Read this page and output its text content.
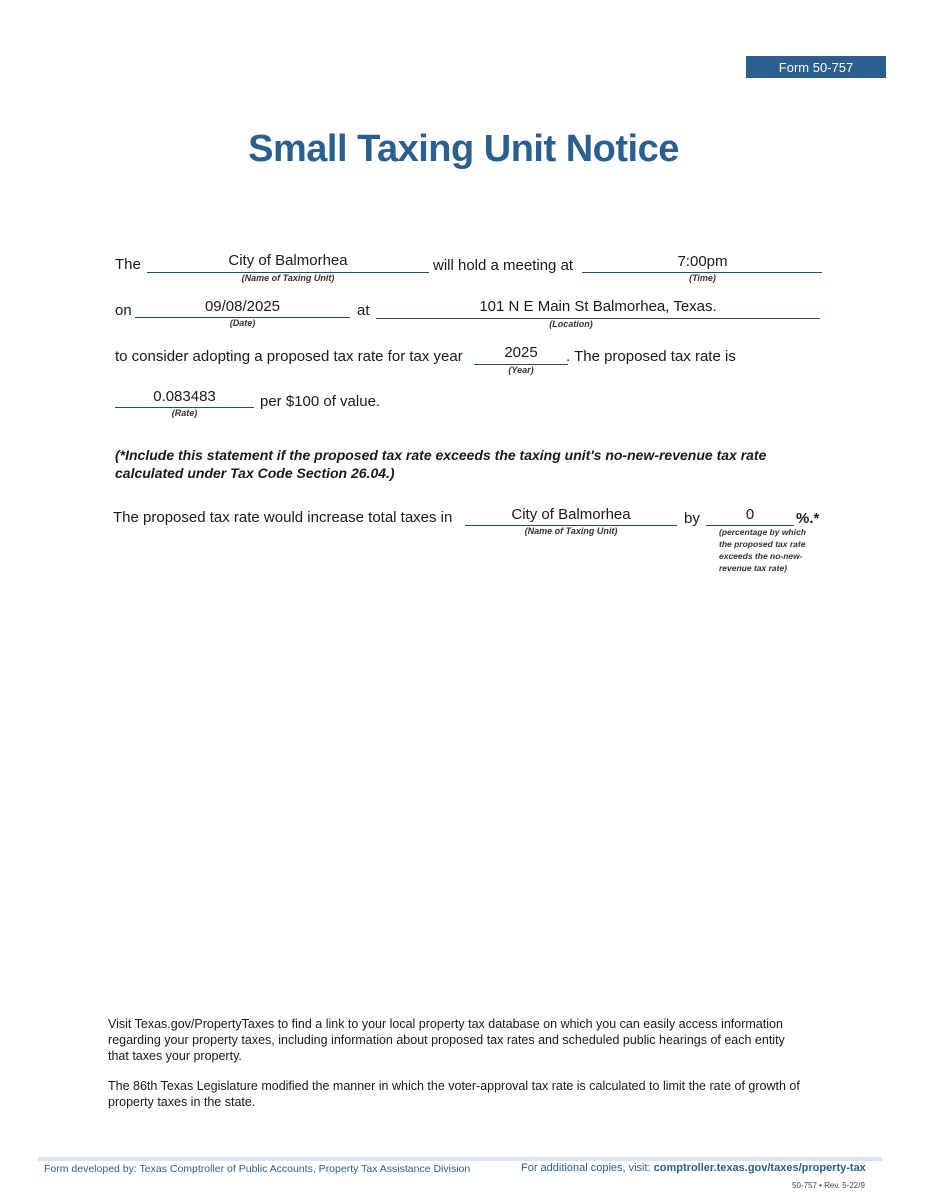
Form 50-757
Small Taxing Unit Notice
The	City of Balmorhea
(Name of Taxing Unit)
will hold a meeting at	7:00pm
(Time)
on	09/08/2025
(Date)
at	101 N E Main St Balmorhea, Texas.
(Location)
to consider adopting a proposed tax rate for tax year	2025
(Year)
. The proposed tax rate is
0.083483
(Rate)
per $100 of value.
(*Include this statement if the proposed tax rate exceeds the taxing unit's no-new-revenue tax rate calculated under Tax Code Section 26.04.)
The proposed tax rate would increase total taxes in	City of Balmorhea
(Name of Taxing Unit)
by	0	%.*
(percentage by which the proposed tax rate exceeds the no-new-revenue tax rate)
Visit Texas.gov/PropertyTaxes to find a link to your local property tax database on which you can easily access information regarding your property taxes, including information about proposed tax rates and scheduled public hearings of each entity that taxes your property.
The 86th Texas Legislature modified the manner in which the voter-approval tax rate is calculated to limit the rate of growth of property taxes in the state.
Form developed by: Texas Comptroller of Public Accounts, Property Tax Assistance Division	For additional copies, visit: comptroller.texas.gov/taxes/property-tax
50-757 • Rev. 5-22/9
